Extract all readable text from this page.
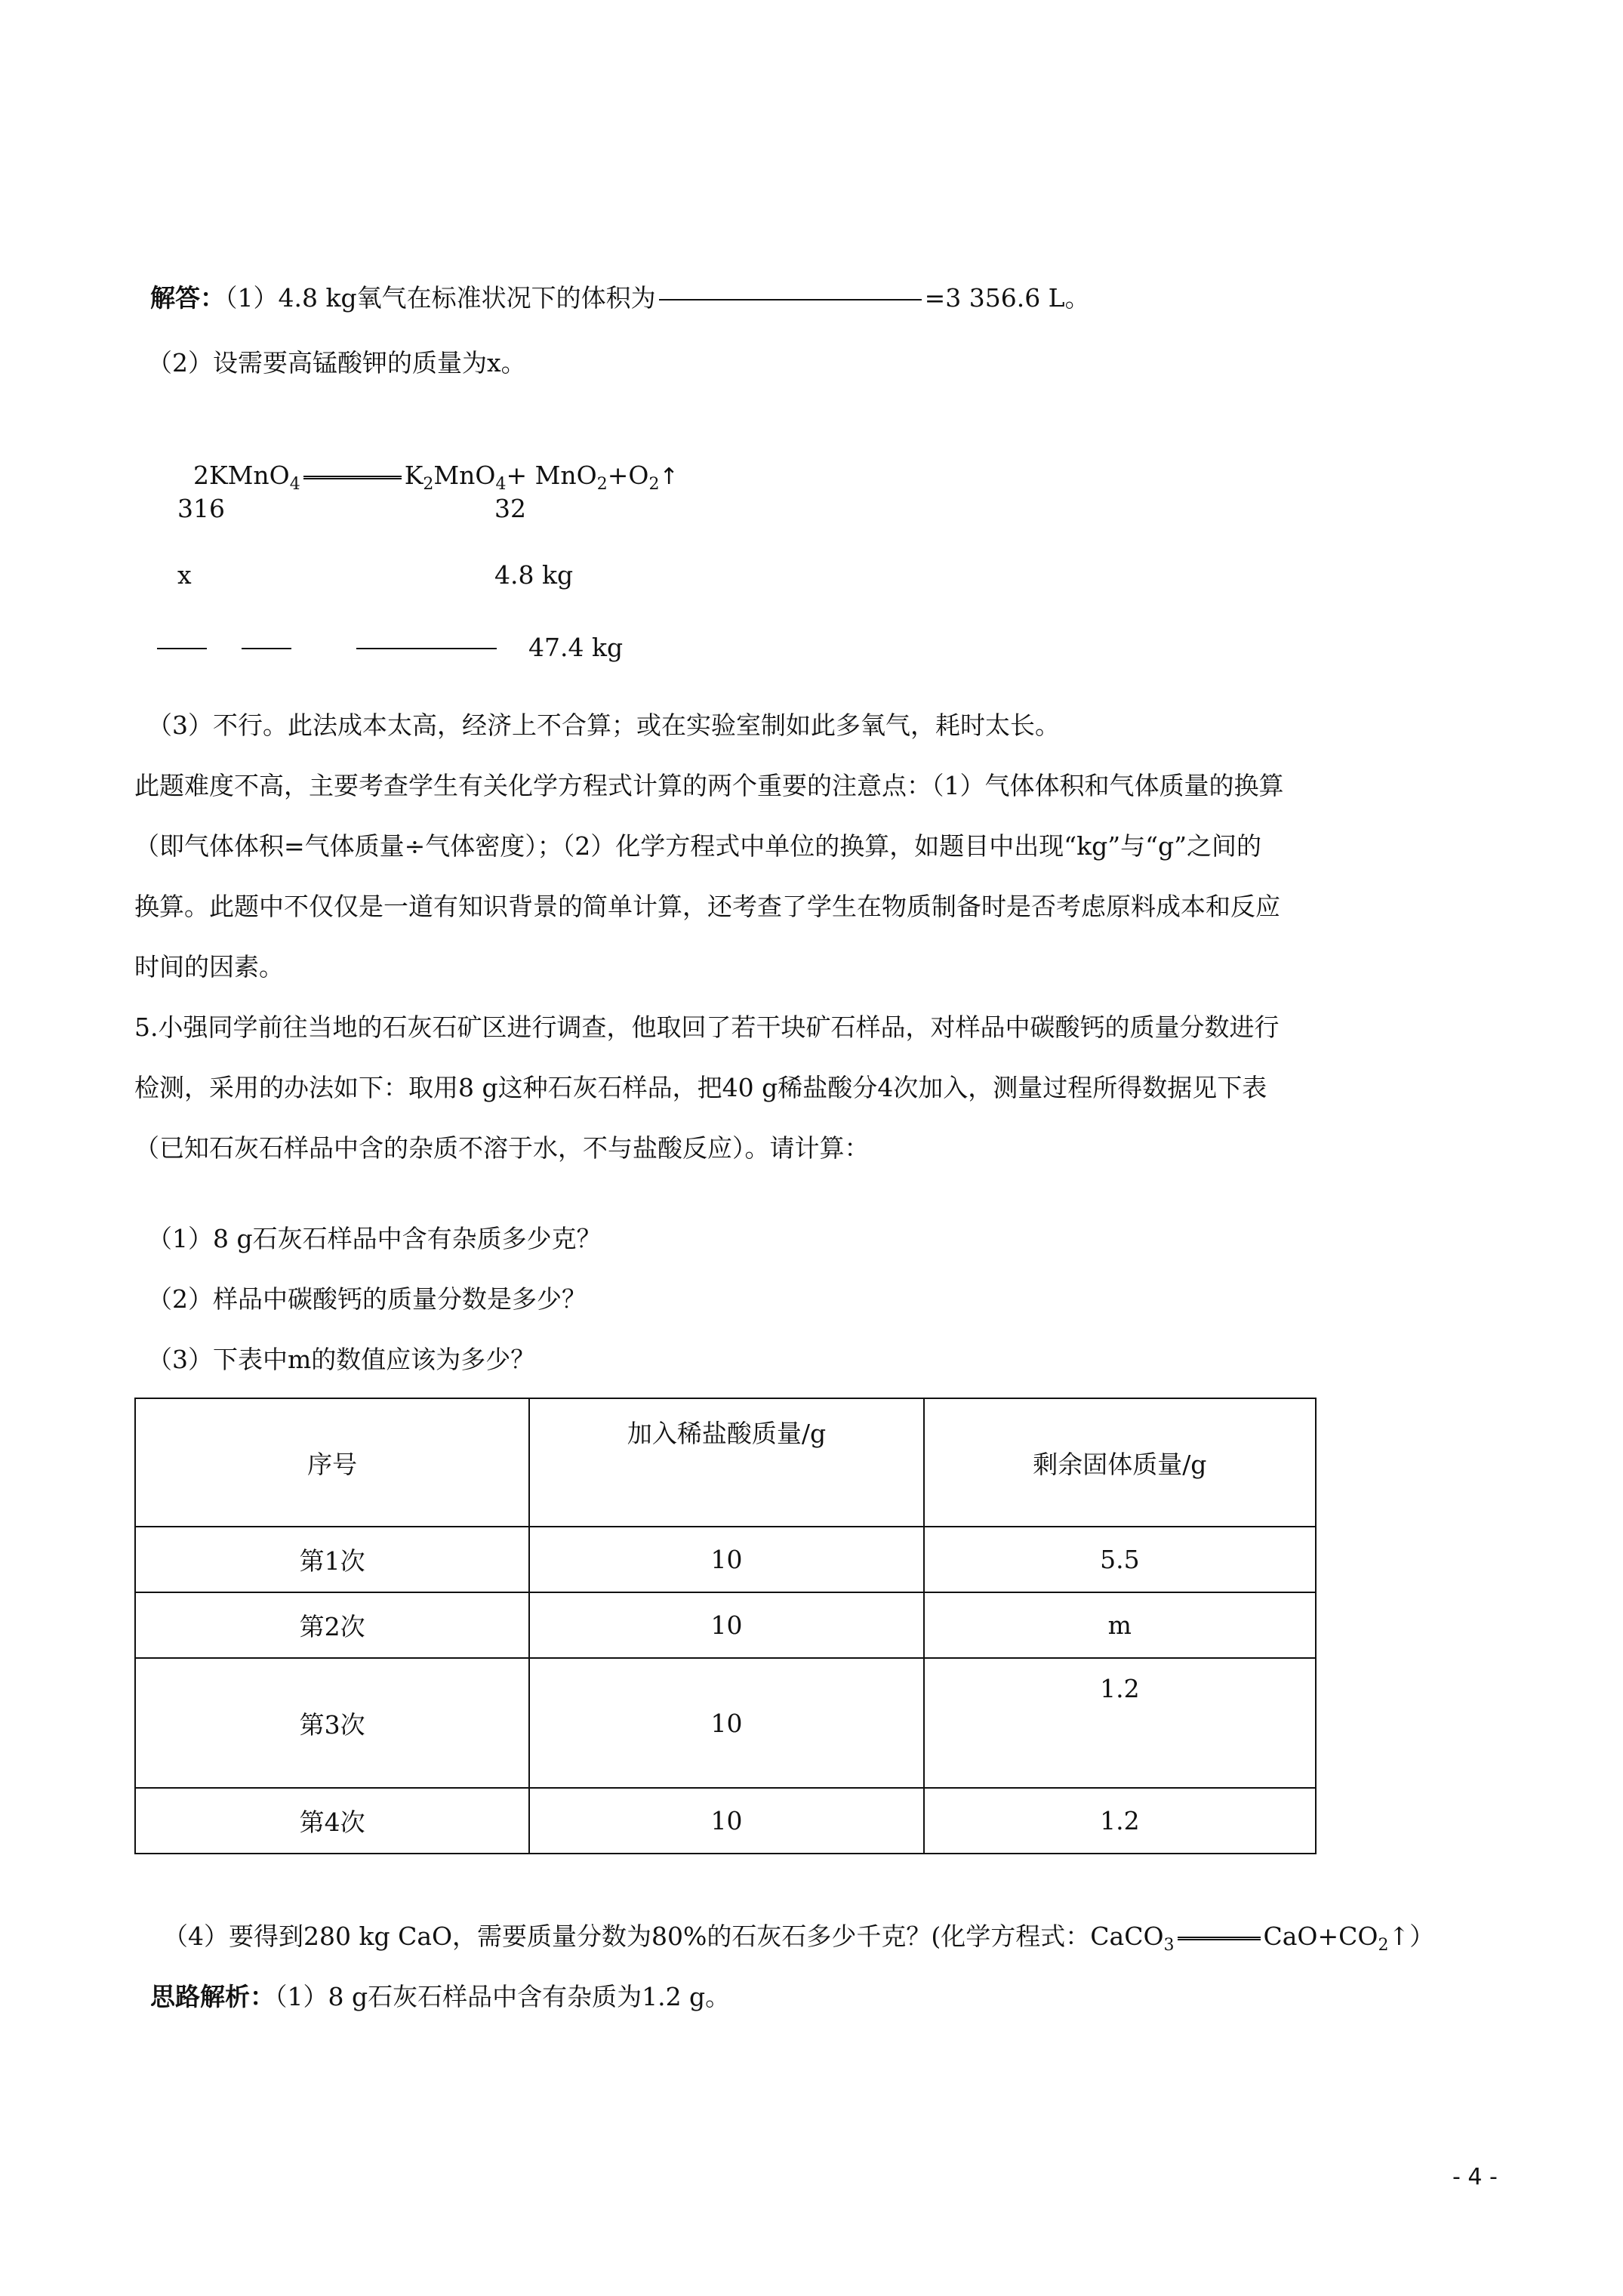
解答：（1）4.8 kg氧气在标准状况下的体积为	=3 356.6 L。

（2）设需要高锰酸钾的质量为x。

2KMnO$_4$	$K_2MnO_4+$ $MnO_2+O_2↑$

316	32
x	4.8 kg
47.4 kg
（3）不行。此法成本太高，经济上不合算；或在实验室制如此多氧气，耗时太长。
此题难度不高，主要考查学生有关化学方程式计算的两个重要的注意点：（1）气体体积和气体质量的换算
（即气体体积=气体质量÷气体密度）；（2）化学方程式中单位的换算，如题目中出现“kg”与“g”之间的
换算。此题中不仅仅是一道有知识背景的简单计算，还考查了学生在物质制备时是否考虑原料成本和反应
时间的因素。
5.小强同学前往当地的石灰石矿区进行调查，他取回了若干块矿石样品，对样品中碳酸钙的质量分数进行
检测，采用的办法如下：取用8 g这种石灰石样品，把40 g稀盐酸分4次加入，测量过程所得数据见下表
（已知石灰石样品中含的杂质不溶于水，不与盐酸反应）。请计算：
（1）8 g石灰石样品中含有杂质多少克？
（2）样品中碳酸钙的质量分数是多少？
（3）下表中m的数值应该为多少？
序号	加入稀盐酸质量/g	剩余固体质量/g
第1次	10	5.5
第2次	10	m
第3次	10	1.2
第4次	10	1.2

（4）要得到280 kg CaO，需要质量分数为80%的石灰石多少千克？(化学方程式：CaCO$_3$	$CaO+CO_2↑$）

思路解析：（1）8 g石灰石样品中含有杂质为1.2 g。

- 4 -
